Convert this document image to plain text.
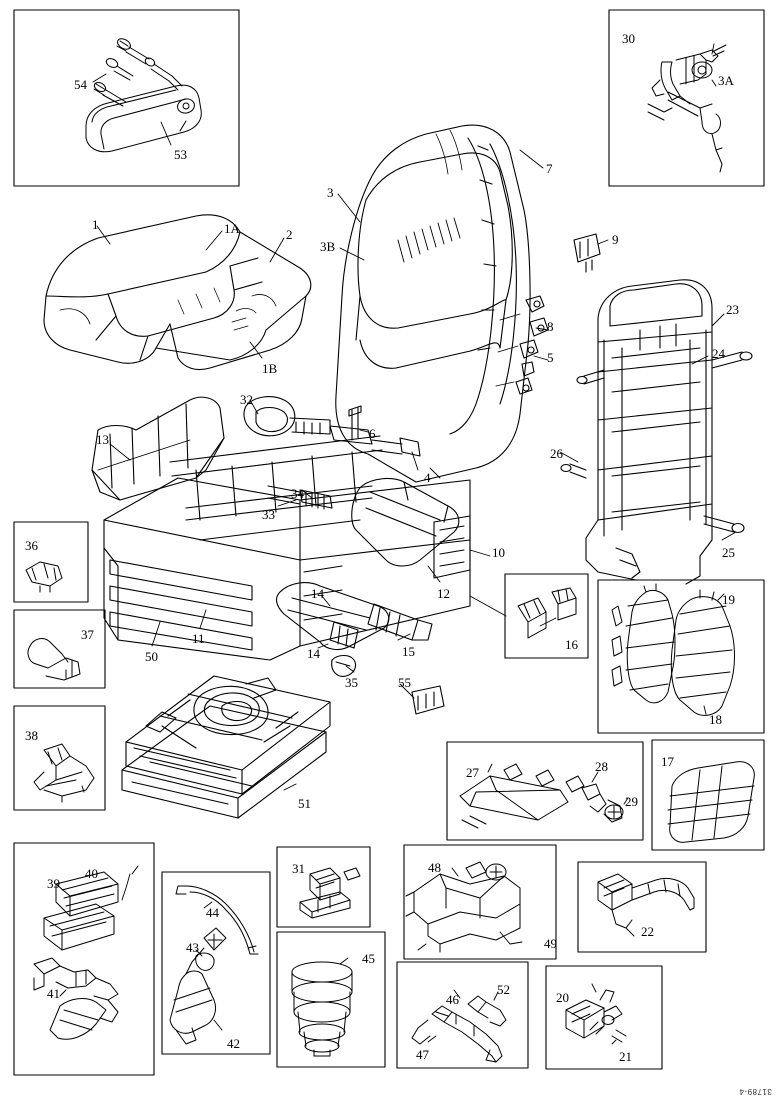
54
53
30
3A
7
3
1	1A	2
3B	9
23
8
24
5
1B
32
6
13
26
4
34
33
25
36	10
12
14	19
37	11
50
16
14	15
35	55
18
38
27	28	17
29
51
39
40	31	48
44
22
49
43
45
41	46
52
20
42
47	21
31789-4
